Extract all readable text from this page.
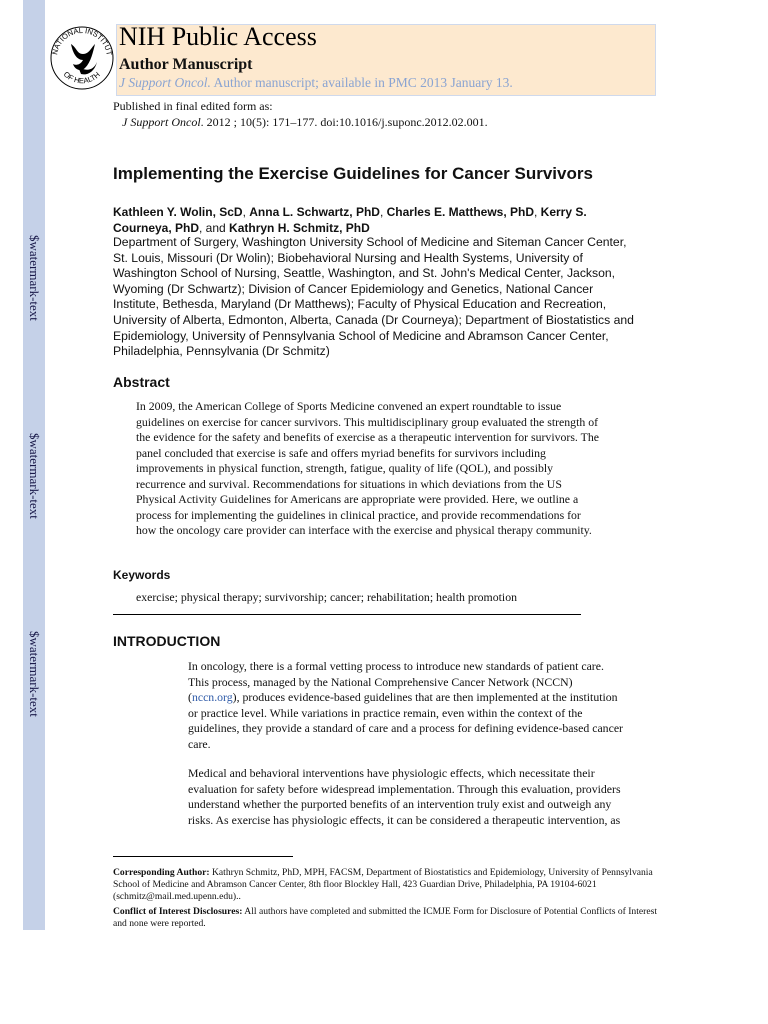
$watermark-text
$watermark-text
$watermark-text
NATIONAL INSTITUT
OF HEALTH
NIH Public Access
Author Manuscript
J Support Oncol. Author manuscript; available in PMC 2013 January 13.
Published in final edited form as:
J Support Oncol. 2012 ; 10(5): 171–177. doi:10.1016/j.suponc.2012.02.001.
Implementing the Exercise Guidelines for Cancer Survivors
Kathleen Y. Wolin, ScD, Anna L. Schwartz, PhD, Charles E. Matthews, PhD, Kerry S.
Courneya, PhD, and Kathryn H. Schmitz, PhD
Department of Surgery, Washington University School of Medicine and Siteman Cancer Center,
St. Louis, Missouri (Dr Wolin); Biobehavioral Nursing and Health Systems, University of
Washington School of Nursing, Seattle, Washington, and St. John's Medical Center, Jackson,
Wyoming (Dr Schwartz); Division of Cancer Epidemiology and Genetics, National Cancer
Institute, Bethesda, Maryland (Dr Matthews); Faculty of Physical Education and Recreation,
University of Alberta, Edmonton, Alberta, Canada (Dr Courneya); Department of Biostatistics and
Epidemiology, University of Pennsylvania School of Medicine and Abramson Cancer Center,
Philadelphia, Pennsylvania (Dr Schmitz)
Abstract
In 2009, the American College of Sports Medicine convened an expert roundtable to issue
guidelines on exercise for cancer survivors. This multidisciplinary group evaluated the strength of
the evidence for the safety and benefits of exercise as a therapeutic intervention for survivors. The
panel concluded that exercise is safe and offers myriad benefits for survivors including
improvements in physical function, strength, fatigue, quality of life (QOL), and possibly
recurrence and survival. Recommendations for situations in which deviations from the US
Physical Activity Guidelines for Americans are appropriate were provided. Here, we outline a
process for implementing the guidelines in clinical practice, and provide recommendations for
how the oncology care provider can interface with the exercise and physical therapy community.
Keywords
exercise; physical therapy; survivorship; cancer; rehabilitation; health promotion
INTRODUCTION
In oncology, there is a formal vetting process to introduce new standards of patient care.
This process, managed by the National Comprehensive Cancer Network (NCCN)
(nccn.org), produces evidence-based guidelines that are then implemented at the institution
or practice level. While variations in practice remain, even within the context of the
guidelines, they provide a standard of care and a process for defining evidence-based cancer
care.
Medical and behavioral interventions have physiologic effects, which necessitate their
evaluation for safety before widespread implementation. Through this evaluation, providers
understand whether the purported benefits of an intervention truly exist and outweigh any
risks. As exercise has physiologic effects, it can be considered a therapeutic intervention, as
Corresponding Author: Kathryn Schmitz, PhD, MPH, FACSM, Department of Biostatistics and Epidemiology, University of Pennsylvania School of Medicine and Abramson Cancer Center, 8th floor Blockley Hall, 423 Guardian Drive, Philadelphia, PA 19104-6021 (schmitz@mail.med.upenn.edu)..
Conflict of Interest Disclosures: All authors have completed and submitted the ICMJE Form for Disclosure of Potential Conflicts of Interest and none were reported.
